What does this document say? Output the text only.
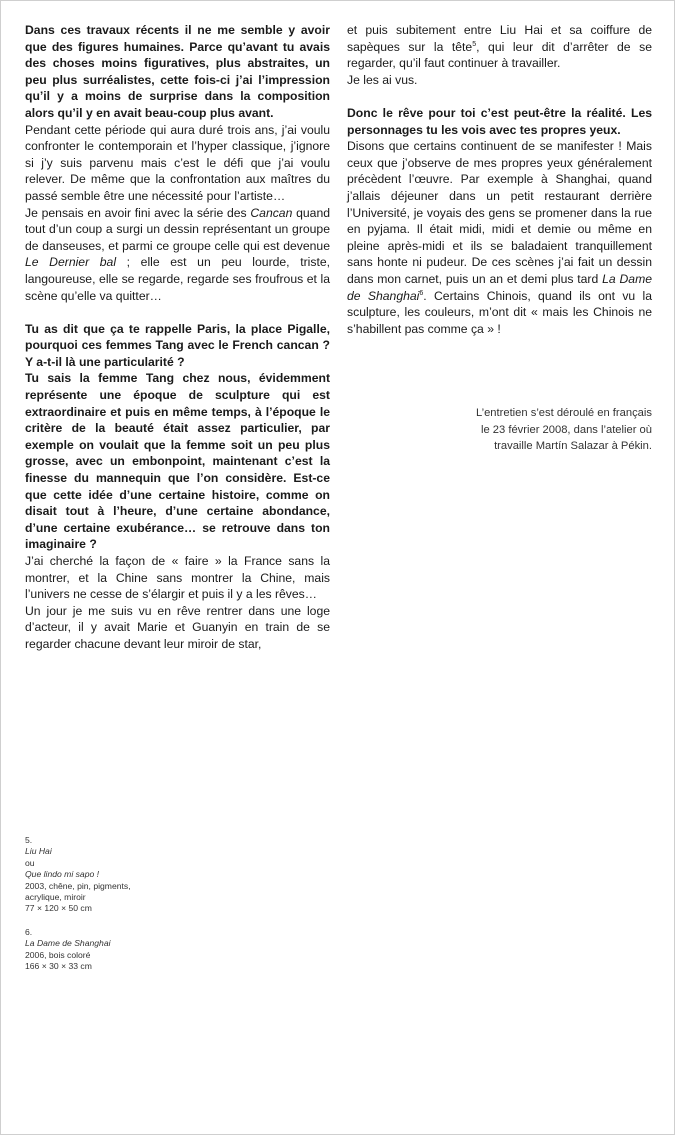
Dans ces travaux récents il ne me semble y avoir que des figures humaines. Parce qu’avant tu avais des choses moins figuratives, plus abstraites, un peu plus surréalistes, cette fois-ci j’ai l’impression qu’il y a moins de surprise dans la composition alors qu’il y en avait beau-coup plus avant.

Pendant cette période qui aura duré trois ans, j’ai voulu confronter le contemporain et l’hyper classique, j’ignore si j’y suis parvenu mais c’est le défi que j’ai voulu relever. De même que la confrontation aux maîtres du passé semble être une nécessité pour l’artiste…

Je pensais en avoir fini avec la série des Cancan quand tout d’un coup a surgi un dessin représentant un groupe de danseuses, et parmi ce groupe celle qui est devenue Le Dernier bal ; elle est un peu lourde, triste, langoureuse, elle se regarde, regarde ses froufrous et la scène qu’elle va quitter…

Tu as dit que ça te rappelle Paris, la place Pigalle, pourquoi ces femmes Tang avec le French cancan ? Y a-t-il là une particularité ?

Tu sais la femme Tang chez nous, évidemment représente une époque de sculpture qui est extraordinaire et puis en même temps, à l’époque le critère de la beauté était assez particulier, par exemple on voulait que la femme soit un peu plus grosse, avec un embonpoint, maintenant c’est la finesse du mannequin que l’on considère. Est-ce que cette idée d’une certaine histoire, comme on disait tout à l’heure, d’une certaine abondance, d’une certaine exubérance… se retrouve dans ton imaginaire ?

J’ai cherché la façon de « faire » la France sans la montrer, et la Chine sans montrer la Chine, mais l’univers ne cesse de s’élargir et puis il y a les rêves…

Un jour je me suis vu en rêve rentrer dans une loge d’acteur, il y avait Marie et Guanyin en train de se regarder chacune devant leur miroir de star,

et puis subitement entre Liu Hai et sa coiffure de sapèques sur la tête$^5$, qui leur dit d’arrêter de se regarder, qu’il faut continuer à travailler.

Je les ai vus.

Donc le rêve pour toi c’est peut-être la réalité. Les personnages tu les vois avec tes propres yeux.

Disons que certains continuent de se manifester ! Mais ceux que j’observe de mes propres yeux généralement précèdent l’œuvre. Par exemple à Shanghai, quand j’allais déjeuner dans un petit restaurant derrière l’Université, je voyais des gens se promener dans la rue en pyjama. Il était midi, midi et demie ou même en pleine après-midi et ils se baladaient tranquillement sans honte ni pudeur. De ces scènes j’ai fait un dessin dans mon carnet, puis un an et demi plus tard La Dame de Shanghai$^6$. Certains Chinois, quand ils ont vu la sculpture, les couleurs, m’ont dit « mais les Chinois ne s’habillent pas comme ça » !

L’entretien s’est déroulé en français
le 23 février 2008, dans l’atelier où
travaille Martín Salazar à Pékin.
5.
Liu Hai
ou
Que lindo mi sapo !
2003, chêne, pin, pigments,
acrylique, miroir
77 × 120 × 50 cm
6.
La Dame de Shanghai
2006, bois coloré
166 × 30 × 33 cm
